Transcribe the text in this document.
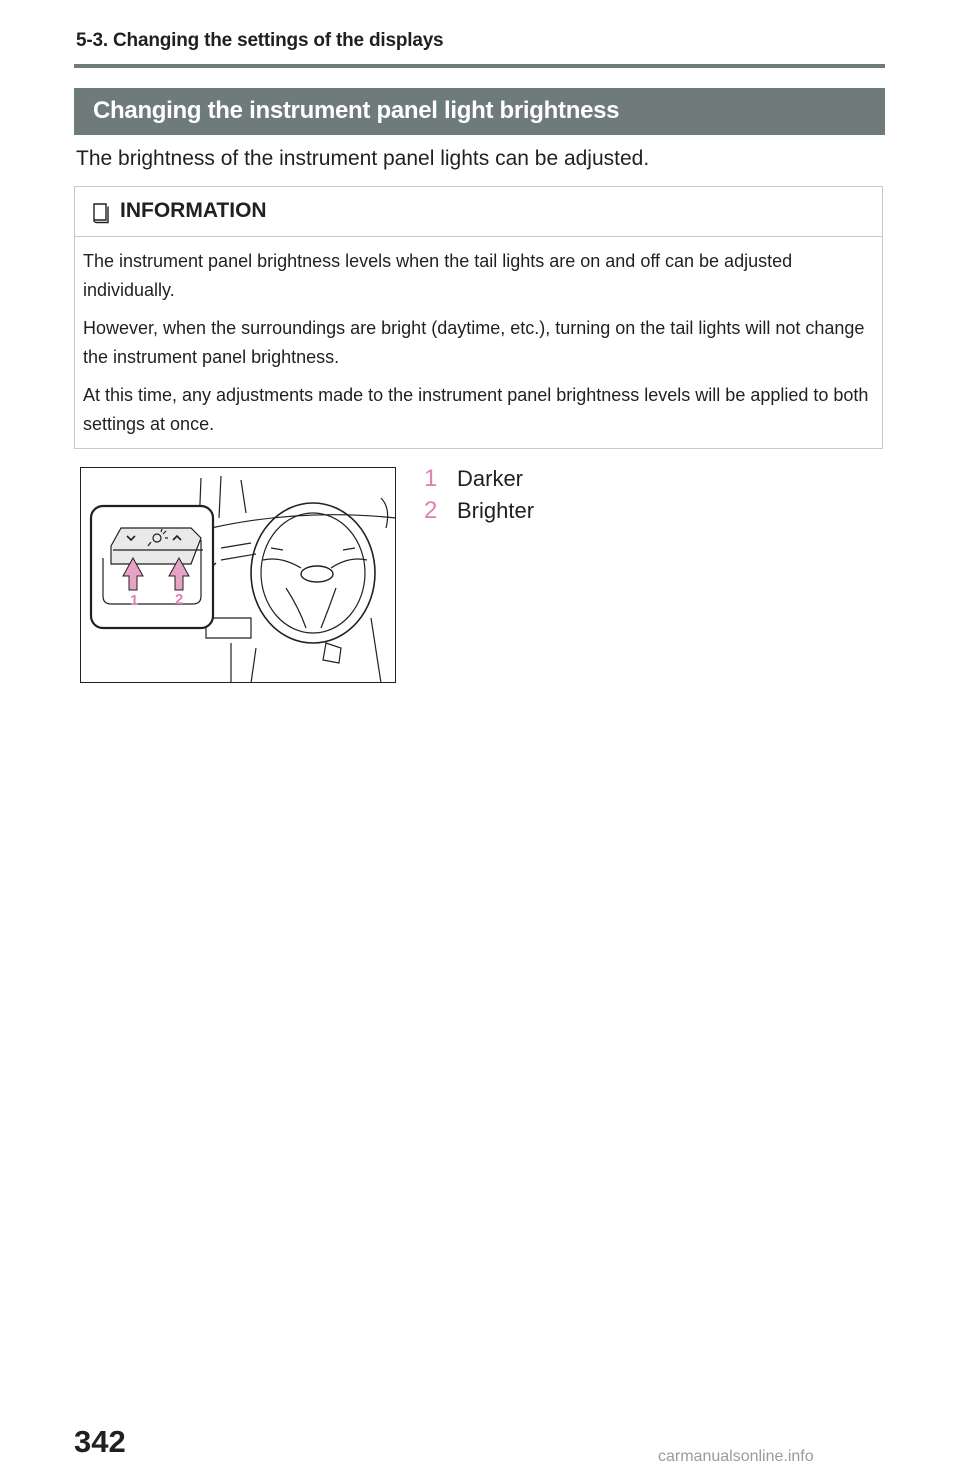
5-3. Changing the settings of the displays
Changing the instrument panel light brightness
The brightness of the instrument panel lights can be adjusted.
INFORMATION

The instrument panel brightness levels when the tail lights are on and off can be adjusted individually.

However, when the surroundings are bright (daytime, etc.), turning on the tail lights will not change the instrument panel brightness.

At this time, any adjustments made to the instrument panel brightness levels will be applied to both settings at once.

1 2
1 Darker
2 Brighter
342	carmanualsonline.info
